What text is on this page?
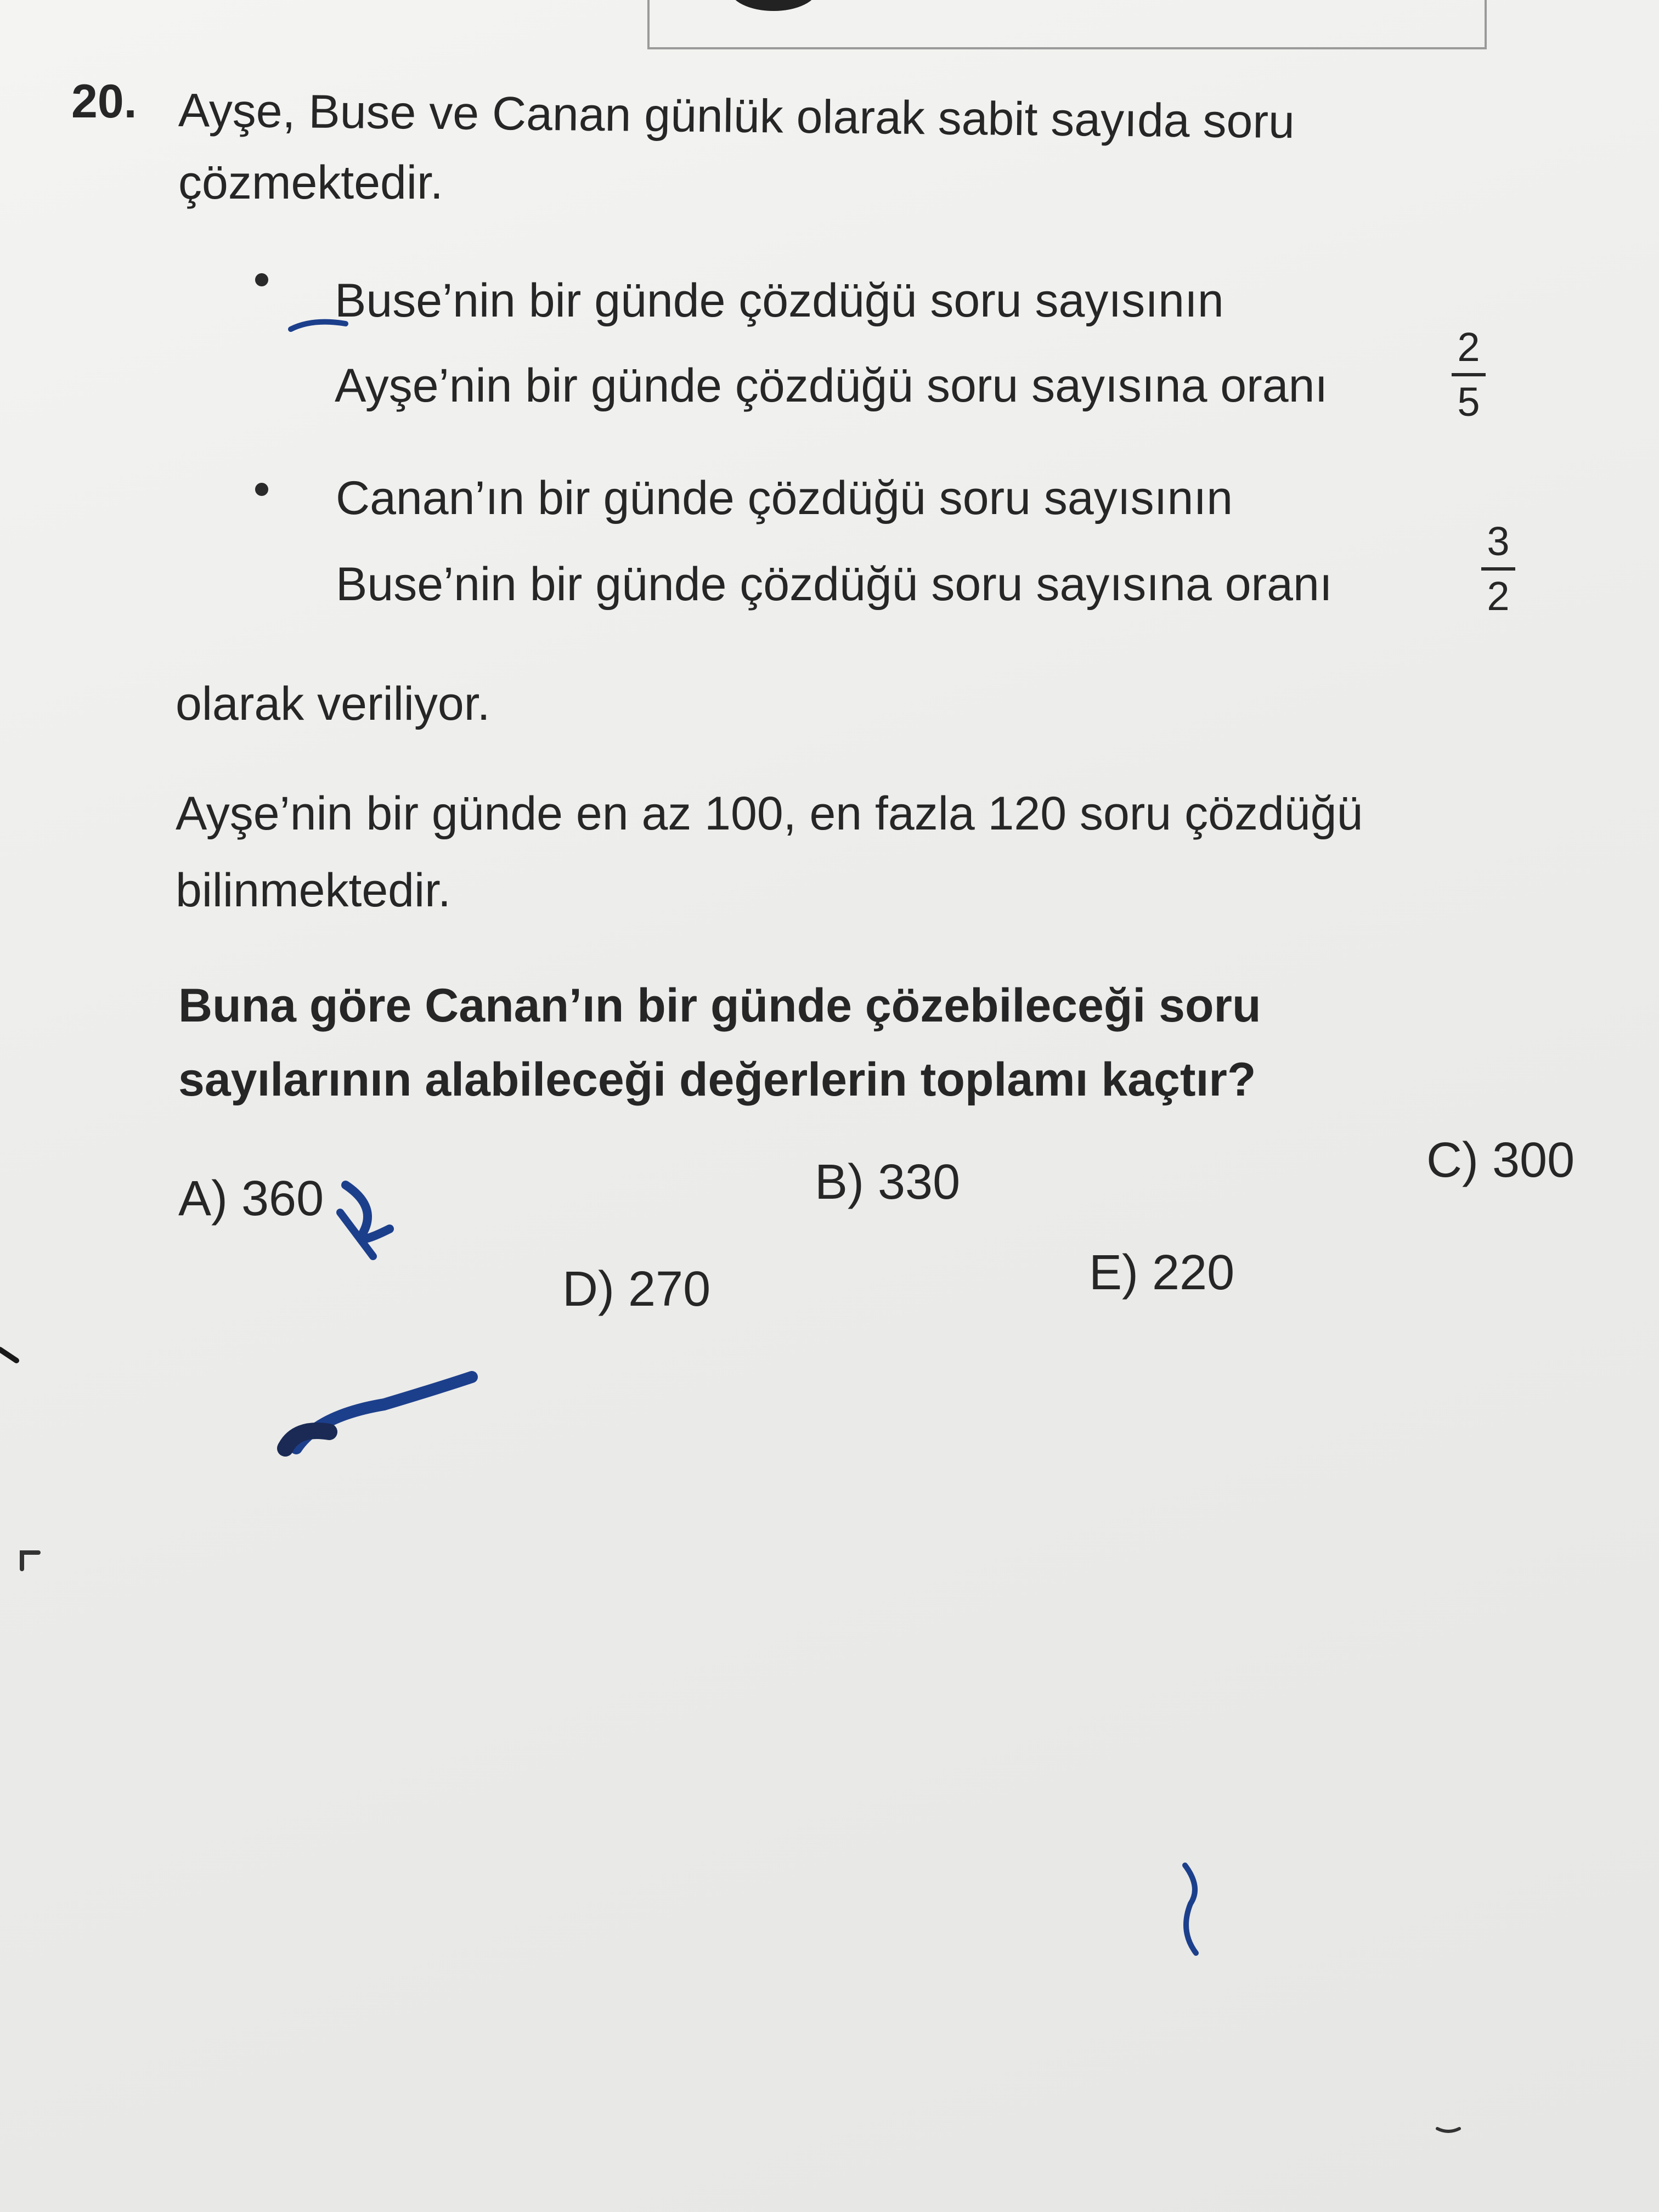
20. Ayşe, Buse ve Canan günlük olarak sabit sayıda soru
çözmektedir.
Buse’nin bir günde çözdüğü soru sayısının
Ayşe’nin bir günde çözdüğü soru sayısına oranı
2
5
Canan’ın bir günde çözdüğü soru sayısının
Buse’nin bir günde çözdüğü soru sayısına oranı
3
2
olarak veriliyor.
Ayşe’nin bir günde en az 100, en fazla 120 soru çözdüğü
bilinmektedir.
Buna göre Canan’ın bir günde çözebileceği soru
sayılarının alabileceği değerlerin toplamı kaçtır?
A) 360	B) 330	C) 300
D) 270	E) 220
